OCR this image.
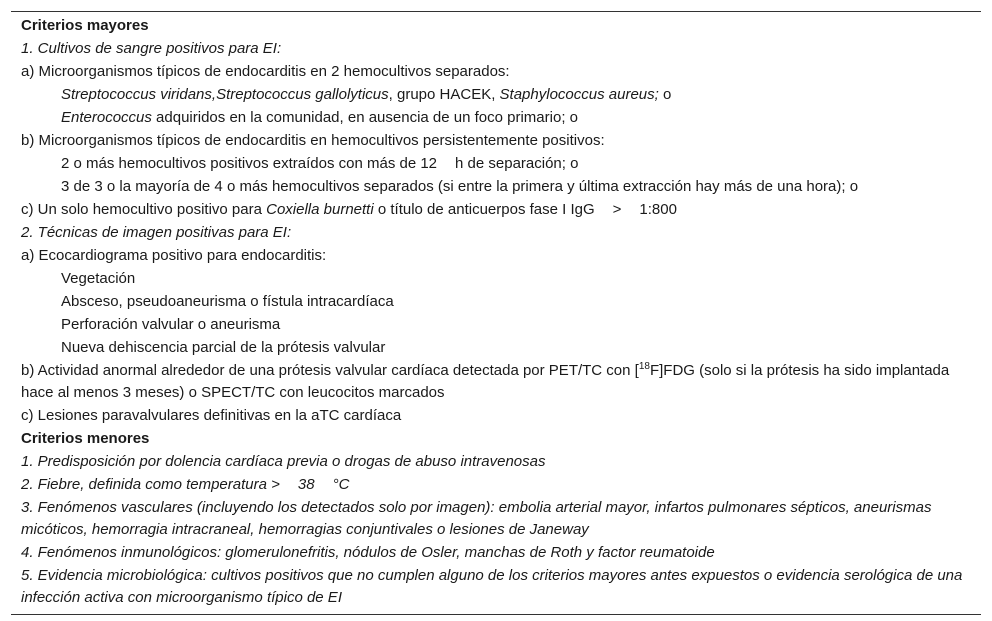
Criterios mayores
1. Cultivos de sangre positivos para EI:
a) Microorganismos típicos de endocarditis en 2 hemocultivos separados:
Streptococcus viridans,Streptococcus gallolyticus, grupo HACEK, Staphylococcus aureus; o
Enterococcus adquiridos en la comunidad, en ausencia de un foco primario; o
b) Microorganismos típicos de endocarditis en hemocultivos persistentemente positivos:
2 o más hemocultivos positivos extraídos con más de 12 h de separación; o
3 de 3 o la mayoría de 4 o más hemocultivos separados (si entre la primera y última extracción hay más de una hora); o
c) Un solo hemocultivo positivo para Coxiella burnetti o título de anticuerpos fase I IgG > 1:800
2. Técnicas de imagen positivas para EI:
a) Ecocardiograma positivo para endocarditis:
Vegetación
Absceso, pseudoaneurisma o fístula intracardíaca
Perforación valvular o aneurisma
Nueva dehiscencia parcial de la prótesis valvular
b) Actividad anormal alrededor de una prótesis valvular cardíaca detectada por PET/TC con [$^{18}$F]FDG (solo si la prótesis ha sido implantada hace al menos 3 meses) o SPECT/TC con leucocitos marcados
c) Lesiones paravalvulares definitivas en la aTC cardíaca
Criterios menores
1. Predisposición por dolencia cardíaca previa o drogas de abuso intravenosas
2. Fiebre, definida como temperatura > 38 °C
3. Fenómenos vasculares (incluyendo los detectados solo por imagen): embolia arterial mayor, infartos pulmonares sépticos, aneurismas micóticos, hemorragia intracraneal, hemorragias conjuntivales o lesiones de Janeway
4. Fenómenos inmunológicos: glomerulonefritis, nódulos de Osler, manchas de Roth y factor reumatoide
5. Evidencia microbiológica: cultivos positivos que no cumplen alguno de los criterios mayores antes expuestos o evidencia serológica de una infección activa con microorganismo típico de EI
